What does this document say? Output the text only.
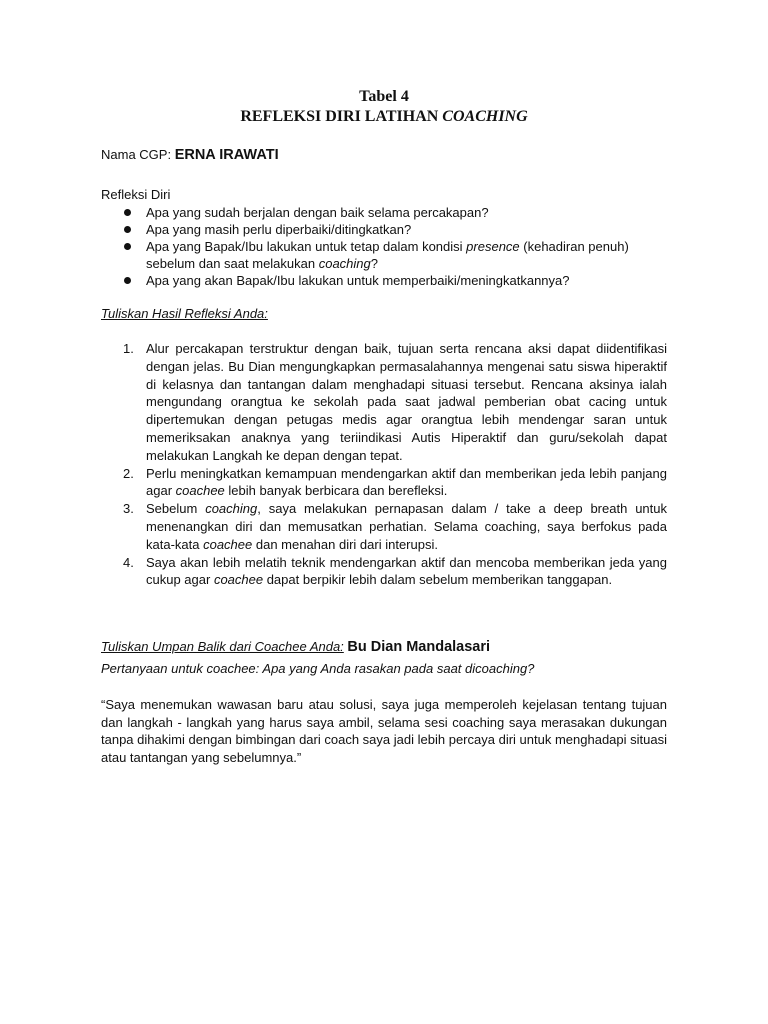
Tabel 4
REFLEKSI DIRI LATIHAN COACHING
Nama CGP: ERNA IRAWATI
Refleksi Diri
Apa yang sudah berjalan dengan baik selama percakapan?
Apa yang masih perlu diperbaiki/ditingkatkan?
Apa yang Bapak/Ibu lakukan untuk tetap dalam kondisi presence (kehadiran penuh) sebelum dan saat melakukan coaching?
Apa yang akan Bapak/Ibu lakukan untuk memperbaiki/meningkatkannya?
Tuliskan Hasil Refleksi Anda:
1. Alur percakapan terstruktur dengan baik, tujuan serta rencana aksi dapat diidentifikasi dengan jelas. Bu Dian mengungkapkan permasalahannya mengenai satu siswa hiperaktif di kelasnya dan tantangan dalam menghadapi situasi tersebut. Rencana aksinya ialah mengundang orangtua ke sekolah pada saat jadwal pemberian obat cacing untuk dipertemukan dengan petugas medis agar orangtua lebih mendengar saran untuk memeriksakan anaknya yang teriindikasi Autis Hiperaktif dan guru/sekolah dapat melakukan Langkah ke depan dengan tepat.
2. Perlu meningkatkan kemampuan mendengarkan aktif dan memberikan jeda lebih panjang agar coachee lebih banyak berbicara dan berefleksi.
3. Sebelum coaching, saya melakukan pernapasan dalam / take a deep breath untuk menenangkan diri dan memusatkan perhatian. Selama coaching, saya berfokus pada kata-kata coachee dan menahan diri dari interupsi.
4. Saya akan lebih melatih teknik mendengarkan aktif dan mencoba memberikan jeda yang cukup agar coachee dapat berpikir lebih dalam sebelum memberikan tanggapan.
Tuliskan Umpan Balik dari Coachee Anda: Bu Dian Mandalasari
Pertanyaan untuk coachee: Apa yang Anda rasakan pada saat dicoaching?
“Saya menemukan wawasan baru atau solusi, saya juga memperoleh kejelasan tentang tujuan dan langkah - langkah yang harus saya ambil, selama sesi coaching saya merasakan dukungan tanpa dihakimi dengan bimbingan dari coach saya jadi lebih percaya diri untuk menghadapi situasi atau tantangan yang sebelumnya.”
